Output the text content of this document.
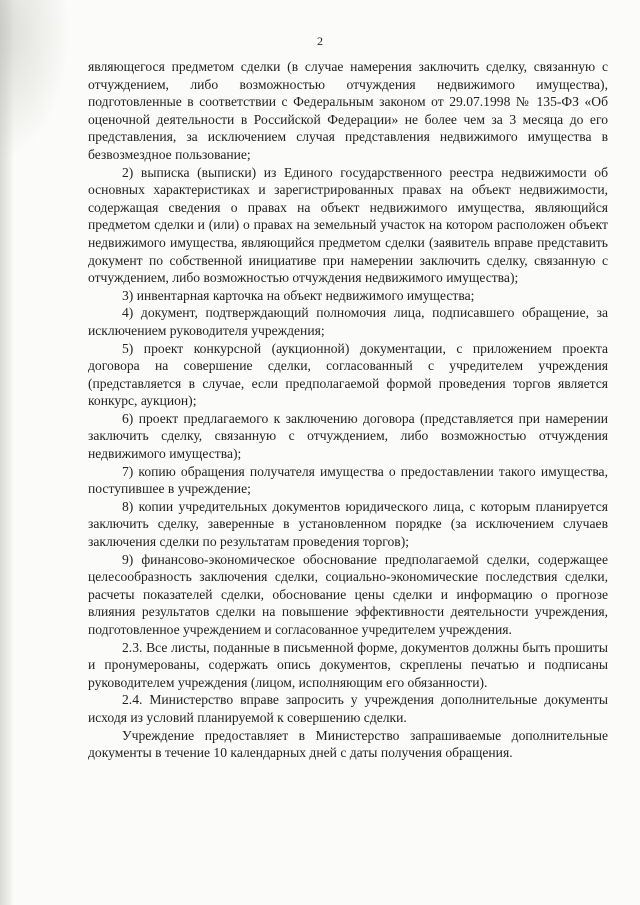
2

являющегося предметом сделки (в случае намерения заключить сделку, связанную с отчуждением, либо возможностью отчуждения недвижимого имущества), подготовленные в соответствии с Федеральным законом от 29.07.1998 № 135-ФЗ «Об оценочной деятельности в Российской Федерации» не более чем за 3 месяца до его представления, за исключением случая представления недвижимого имущества в безвозмездное пользование;

2) выписка (выписки) из Единого государственного реестра недвижимости об основных характеристиках и зарегистрированных правах на объект недвижимости, содержащая сведения о правах на объект недвижимого имущества, являющийся предметом сделки и (или) о правах на земельный участок на котором расположен объект недвижимого имущества, являющийся предметом сделки (заявитель вправе представить документ по собственной инициативе при намерении заключить сделку, связанную с отчуждением, либо возможностью отчуждения недвижимого имущества);

3) инвентарная карточка на объект недвижимого имущества;

4) документ, подтверждающий полномочия лица, подписавшего обращение, за исключением руководителя учреждения;

5) проект конкурсной (аукционной) документации, с приложением проекта договора на совершение сделки, согласованный с учредителем учреждения (представляется в случае, если предполагаемой формой проведения торгов является конкурс, аукцион);

6) проект предлагаемого к заключению договора (представляется при намерении заключить сделку, связанную с отчуждением, либо возможностью отчуждения недвижимого имущества);

7) копию обращения получателя имущества о предоставлении такого имущества, поступившее в учреждение;

8) копии учредительных документов юридического лица, с которым планируется заключить сделку, заверенные в установленном порядке (за исключением случаев заключения сделки по результатам проведения торгов);

9) финансово-экономическое обоснование предполагаемой сделки, содержащее целесообразность заключения сделки, социально-экономические последствия сделки, расчеты показателей сделки, обоснование цены сделки и информацию о прогнозе влияния результатов сделки на повышение эффективности деятельности учреждения, подготовленное учреждением и согласованное учредителем учреждения.

2.3. Все листы, поданные в письменной форме, документов должны быть прошиты и пронумерованы, содержать опись документов, скреплены печатью и подписаны руководителем учреждения (лицом, исполняющим его обязанности).

2.4. Министерство вправе запросить у учреждения дополнительные документы исходя из условий планируемой к совершению сделки.

Учреждение предоставляет в Министерство запрашиваемые дополнительные документы в течение 10 календарных дней с даты получения обращения.
